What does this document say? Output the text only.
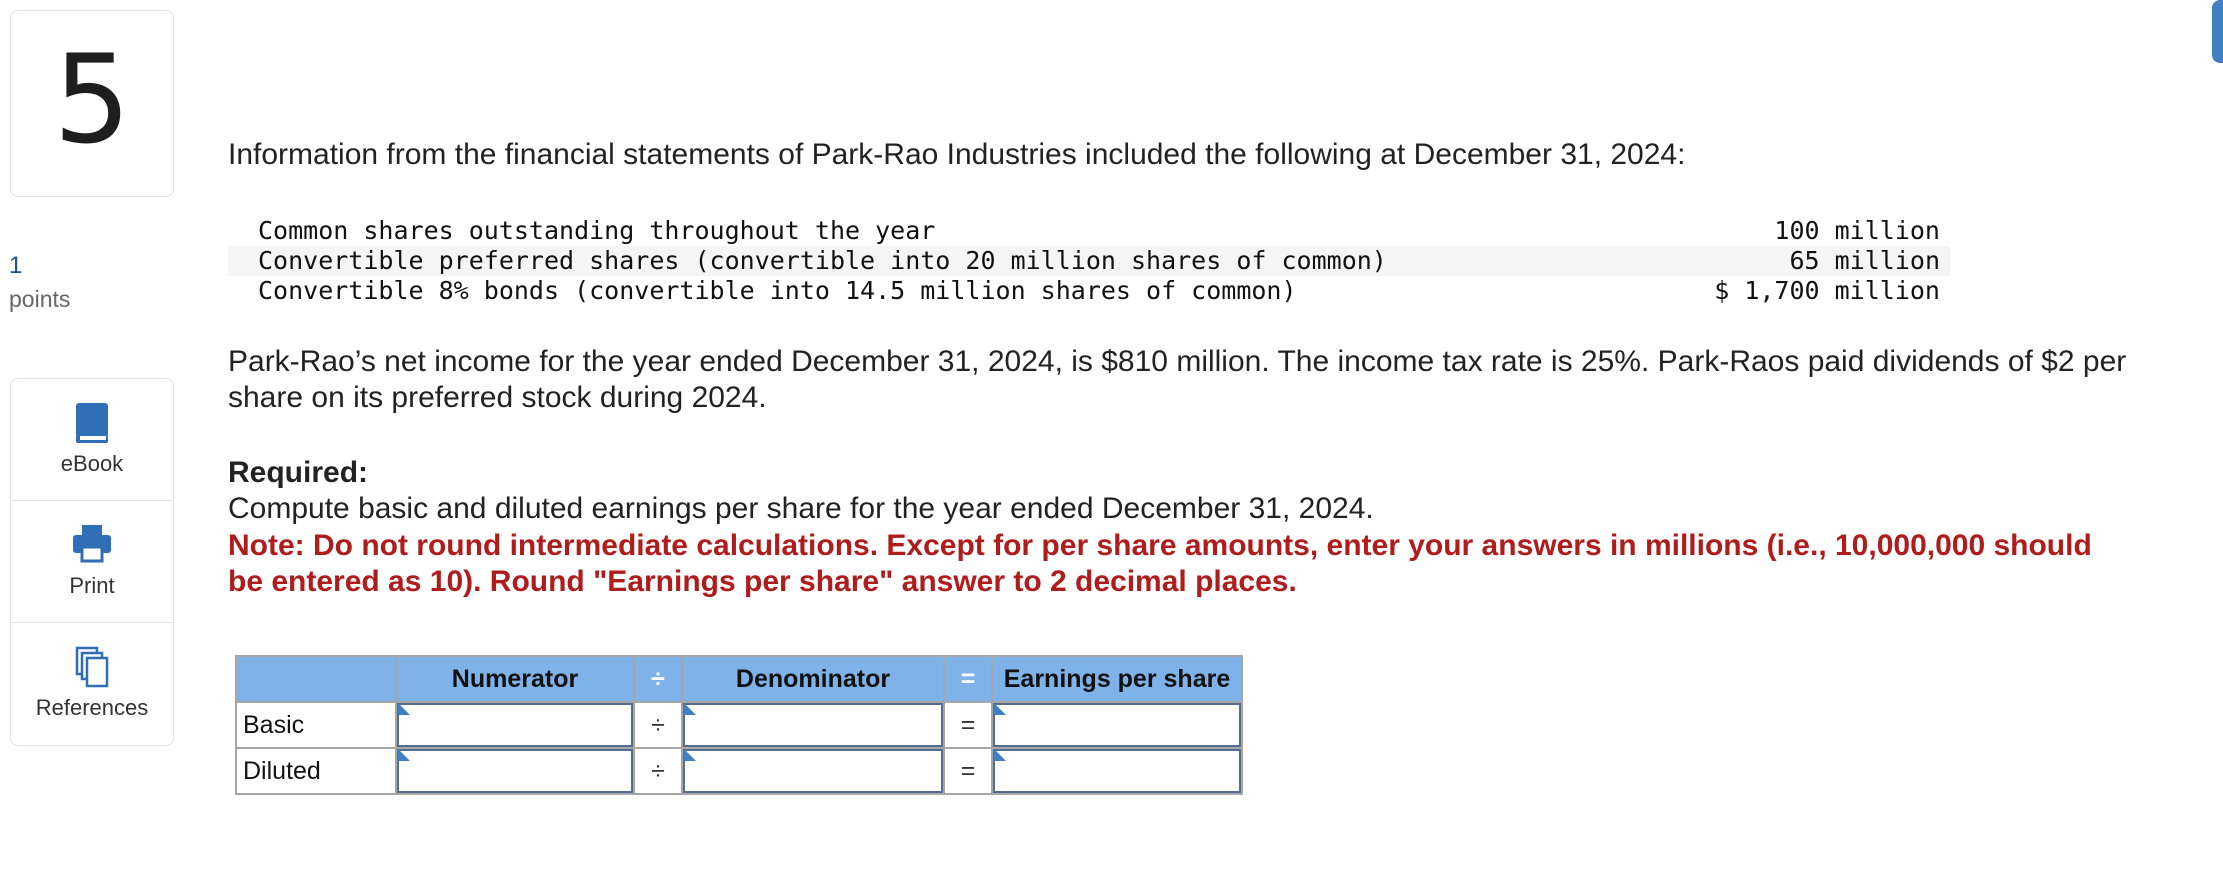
5
1
points
eBook
Print
References
Information from the financial statements of Park-Rao Industries included the following at December 31, 2024:
Common shares outstanding throughout the year	100 million
Convertible preferred shares (convertible into 20 million shares of common)	65 million
Convertible 8% bonds (convertible into 14.5 million shares of common)	$ 1,700 million
Park-Rao’s net income for the year ended December 31, 2024, is $810 million. The income tax rate is 25%. Park-Raos paid dividends of $2 per share on its preferred stock during 2024.
Required:
Compute basic and diluted earnings per share for the year ended December 31, 2024.
Note: Do not round intermediate calculations. Except for per share amounts, enter your answers in millions (i.e., 10,000,000 should be entered as 10). Round "Earnings per share" answer to 2 decimal places.
	Numerator	÷	Denominator	=	Earnings per share
Basic		÷		=	

Diluted		÷		=	
